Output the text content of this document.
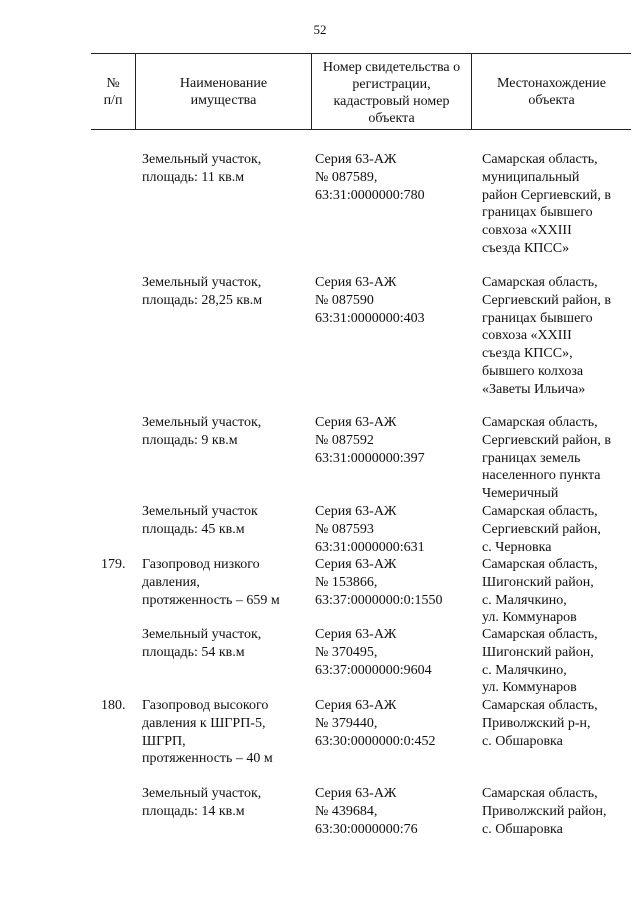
52
№
п/п
Наименование
имущества
Номер свидетельства о
регистрации,
кадастровый номер
объекта
Местонахождение
объекта
Земельный участок,
площадь: 11 кв.м
Серия 63-АЖ
№ 087589,
63:31:0000000:780
Самарская область,
муниципальный
район Сергиевский, в
границах бывшего
совхоза «XXIII
съезда КПСС»
Земельный участок,
площадь: 28,25 кв.м
Серия 63-АЖ
№ 087590
63:31:0000000:403
Самарская область,
Сергиевский район, в
границах бывшего
совхоза «XXIII
съезда КПСС»,
бывшего колхоза
«Заветы Ильича»
Земельный участок,
площадь: 9 кв.м
Серия 63-АЖ
№ 087592
63:31:0000000:397
Самарская область,
Сергиевский район, в
границах земель
населенного пункта
Чемеричный
Земельный участок
площадь: 45 кв.м
Серия 63-АЖ
№ 087593
63:31:0000000:631
Самарская область,
Сергиевский район,
с. Черновка
179.	Газопровод низкого
давления,
протяженность – 659 м
Серия 63-АЖ
№ 153866,
63:37:0000000:0:1550
Самарская область,
Шигонский район,
с. Малячкино,
ул. Коммунаров
Земельный участок,
площадь: 54 кв.м
Серия 63-АЖ
№ 370495,
63:37:0000000:9604
Самарская область,
Шигонский район,
с. Малячкино,
ул. Коммунаров
180.	Газопровод высокого
давления к ШГРП-5,
ШГРП,
протяженность – 40 м
Серия 63-АЖ
№ 379440,
63:30:0000000:0:452
Самарская область,
Приволжский р-н,
с. Обшаровка
Земельный участок,
площадь: 14 кв.м
Серия 63-АЖ
№ 439684,
63:30:0000000:76
Самарская область,
Приволжский район,
с. Обшаровка
